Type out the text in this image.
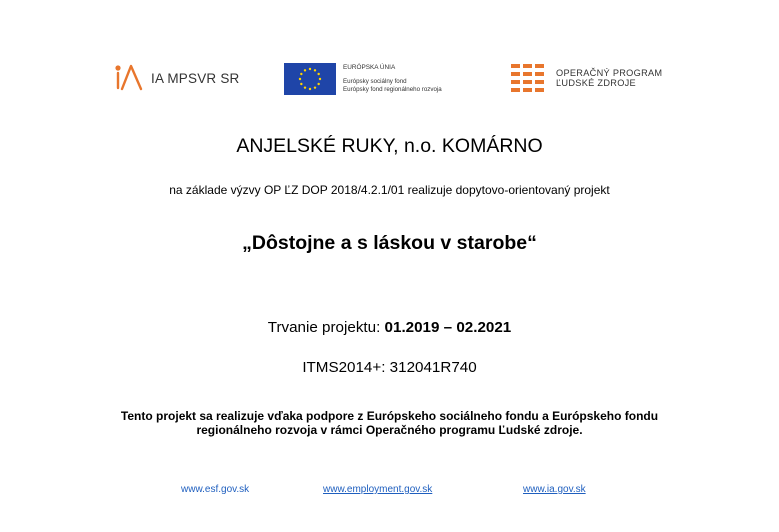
IA MPSVR SR
EURÓPSKA ÚNIA
Európsky sociálny fond
Európsky fond regionálneho rozvoja
OPERAČNÝ PROGRAM
ĽUDSKÉ ZDROJE
ANJELSKÉ RUKY, n.o. KOMÁRNO
na základe výzvy OP ĽZ DOP 2018/4.2.1/01 realizuje dopytovo-orientovaný projekt
„Dôstojne a s láskou v starobe“
Trvanie projektu: 01.2019 – 02.2021
ITMS2014+: 312041R740
Tento projekt sa realizuje vďaka podpore z Európskeho sociálneho fondu a Európskeho fondu
regionálneho rozvoja v rámci Operačného programu Ľudské zdroje.
www.esf.gov.sk	www.employment.gov.sk	www.ia.gov.sk
